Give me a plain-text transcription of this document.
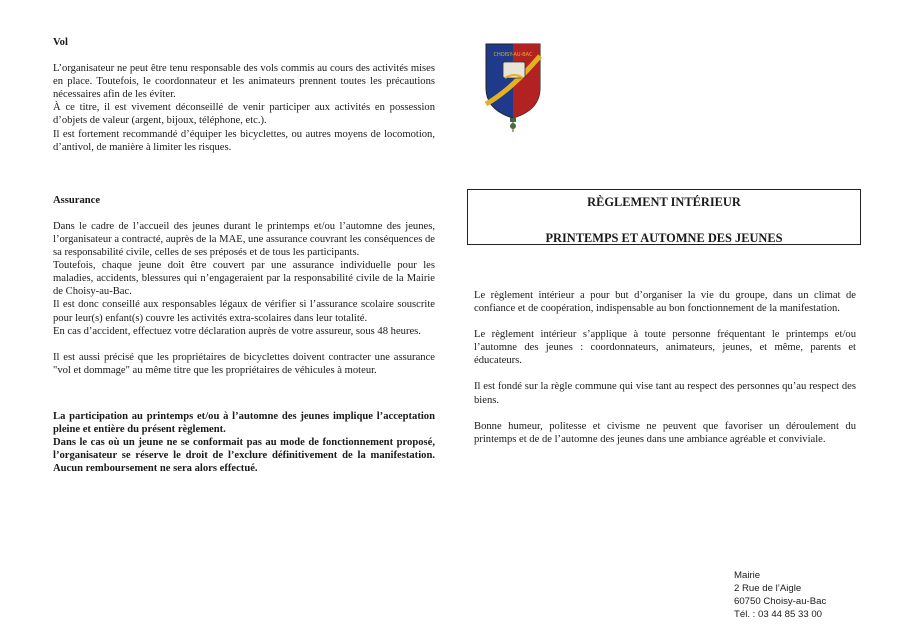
Vol

L’organisateur ne peut être tenu responsable des vols commis au cours des activités mises en place. Toutefois, le coordonnateur et les animateurs prennent toutes les précautions nécessaires afin de les éviter.

À ce titre, il est vivement déconseillé de venir participer aux activités en possession d’objets de valeur (argent, bijoux, téléphone, etc.).

Il est fortement recommandé d’équiper les bicyclettes, ou autres moyens de locomotion, d’antivol, de manière à limiter les risques.

Assurance

Dans le cadre de l’accueil des jeunes durant le printemps et/ou l’automne des jeunes, l’organisateur a contracté, auprès de la MAE, une assurance couvrant les conséquences de sa responsabilité civile, celles de ses préposés et de tous les participants.

Toutefois, chaque jeune doit être couvert par une assurance individuelle pour les maladies, accidents, blessures qui n’engageraient par la responsabilité civile de la Mairie de Choisy-au-Bac.

Il est donc conseillé aux responsables légaux de vérifier si l’assurance scolaire souscrite pour leur(s) enfant(s) couvre les activités extra-scolaires dans leur totalité.

En cas d’accident, effectuez votre déclaration auprès de votre assureur, sous 48 heures.

Il est aussi précisé que les propriétaires de bicyclettes doivent contracter une assurance "vol et dommage" au même titre que les propriétaires de véhicules à moteur.

La participation au printemps et/ou à l’automne des jeunes implique l’acceptation pleine et entière du présent règlement.

Dans le cas où un jeune ne se conformait pas au mode de fonctionnement proposé, l’organisateur se réserve le droit de l’exclure définitivement de la manifestation. Aucun remboursement ne sera alors effectué.

CHOISY-AU-BAC
RÈGLEMENT INTÉRIEUR
PRINTEMPS ET AUTOMNE DES JEUNES

Le règlement intérieur a pour but d’organiser la vie du groupe, dans un climat de confiance et de coopération, indispensable au bon fonctionnement de la manifestation.

Le règlement intérieur s’applique à toute personne fréquentant le printemps et/ou l’automne des jeunes : coordonnateurs, animateurs, jeunes, et même, parents et éducateurs.

Il est fondé sur la règle commune qui vise tant au respect des personnes qu’au respect des biens.

Bonne humeur, politesse et civisme ne peuvent que favoriser un déroulement du printemps et de de l’automne des jeunes dans une ambiance agréable et conviviale.

Mairie
2 Rue de l’Aigle
60750 Choisy-au-Bac
Tél. : 03 44 85 33 00
